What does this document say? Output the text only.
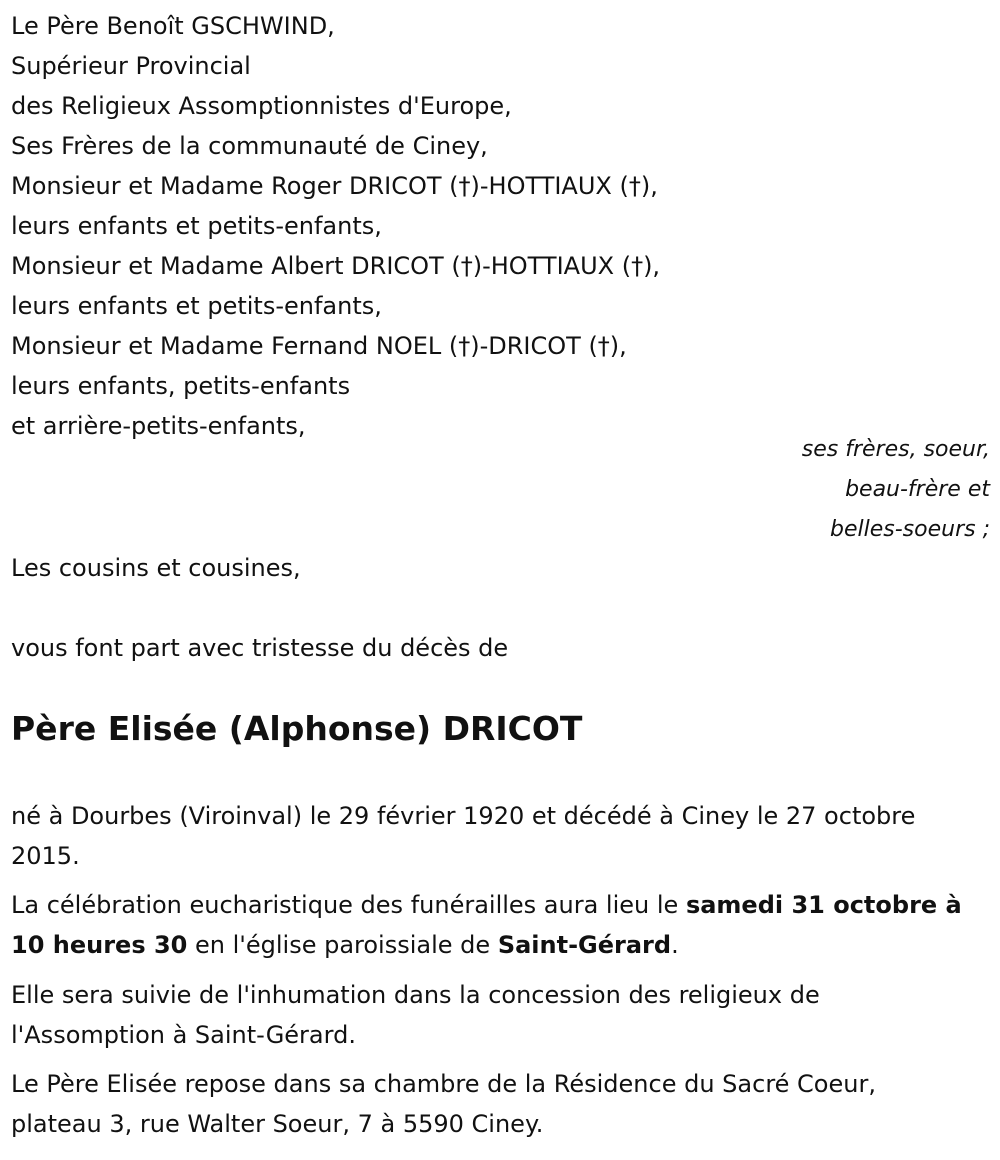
Le Père Benoît GSCHWIND,
Supérieur Provincial
des Religieux Assomptionnistes d'Europe,
Ses Frères de la communauté de Ciney,
Monsieur et Madame Roger DRICOT (†)-HOTTIAUX (†),
leurs enfants et petits-enfants,
Monsieur et Madame Albert DRICOT (†)-HOTTIAUX (†),
leurs enfants et petits-enfants,
Monsieur et Madame Fernand NOEL (†)-DRICOT (†),
leurs enfants, petits-enfants
et arrière-petits-enfants,
ses frères, soeur,
beau-frère et
belles-soeurs ;
Les cousins et cousines,
vous font part avec tristesse du décès de
Père Elisée (Alphonse) DRICOT
né à Dourbes (Viroinval) le 29 février 1920 et décédé à Ciney le 27 octobre 2015.
La célébration eucharistique des funérailles aura lieu le samedi 31 octobre à 10 heures 30 en l'église paroissiale de Saint-Gérard.
Elle sera suivie de l'inhumation dans la concession des religieux de l'Assomption à Saint-Gérard.
Le Père Elisée repose dans sa chambre de la Résidence du Sacré Coeur, plateau 3, rue Walter Soeur, 7 à 5590 Ciney.
